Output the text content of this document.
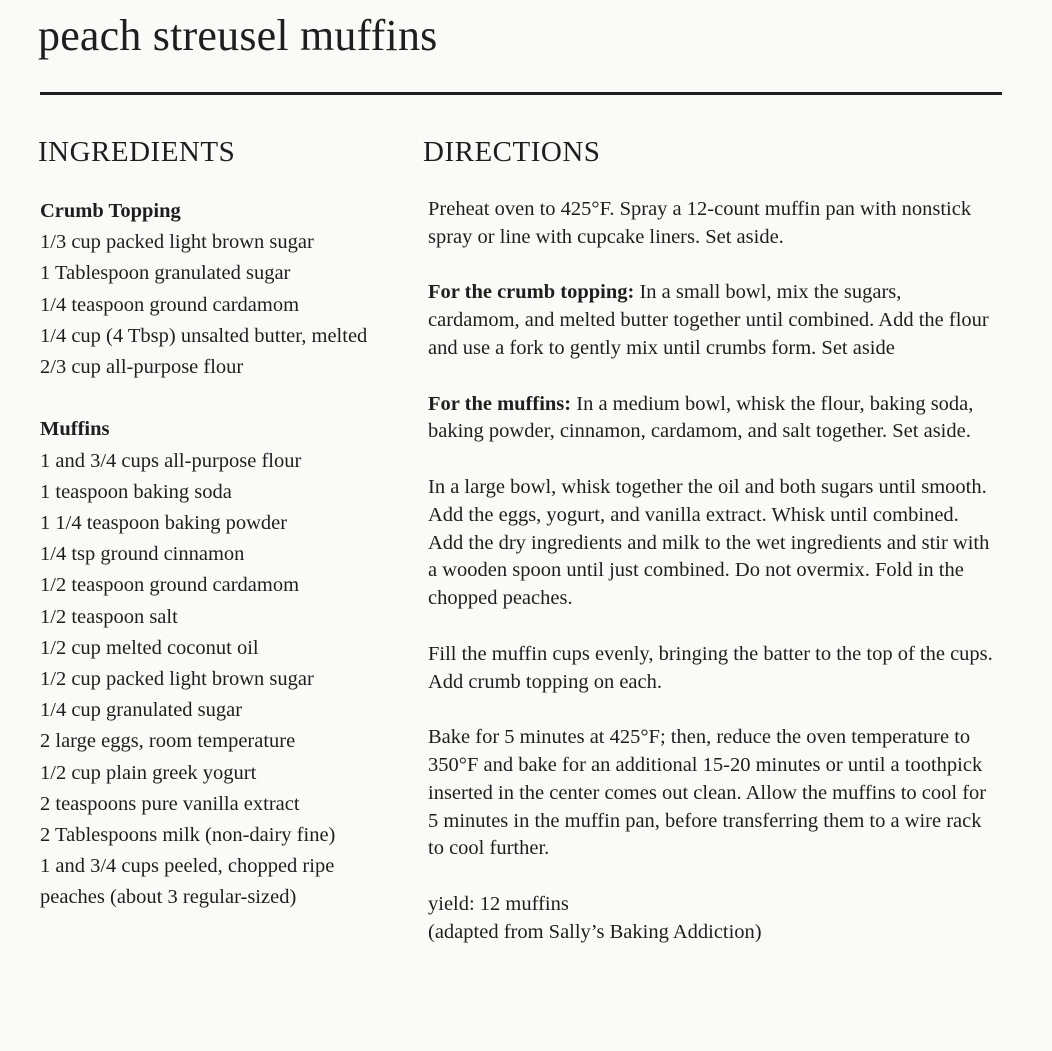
peach streusel muffins
INGREDIENTS	DIRECTIONS
Crumb Topping
1/3 cup packed light brown sugar
1 Tablespoon granulated sugar
1/4 teaspoon ground cardamom
1/4 cup (4 Tbsp) unsalted butter, melted
2/3 cup all-purpose flour
Muffins
1 and 3/4 cups all-purpose flour
1 teaspoon baking soda
1 1/4 teaspoon baking powder
1/4 tsp ground cinnamon
1/2 teaspoon ground cardamom
1/2 teaspoon salt
1/2 cup melted coconut oil
1/2 cup packed light brown sugar
1/4 cup granulated sugar
2 large eggs, room temperature
1/2 cup plain greek yogurt
2 teaspoons pure vanilla extract
2 Tablespoons milk (non-dairy fine)
1 and 3/4 cups peeled, chopped ripe peaches (about 3 regular-sized)

Preheat oven to 425°F. Spray a 12-count muffin pan with nonstick spray or line with cupcake liners. Set aside.

For the crumb topping: In a small bowl, mix the sugars, cardamom, and melted butter together until combined. Add the flour and use a fork to gently mix until crumbs form. Set aside

For the muffins: In a medium bowl, whisk the flour, baking soda, baking powder, cinnamon, cardamom, and salt together. Set aside.

In a large bowl, whisk together the oil and both sugars until smooth. Add the eggs, yogurt, and vanilla extract. Whisk until combined. Add the dry ingredients and milk to the wet ingredients and stir with a wooden spoon until just combined. Do not overmix. Fold in the chopped peaches.

Fill the muffin cups evenly, bringing the batter to the top of the cups. Add crumb topping on each.

Bake for 5 minutes at 425°F; then, reduce the oven temperature to 350°F and bake for an additional 15-20 minutes or until a toothpick inserted in the center comes out clean. Allow the muffins to cool for 5 minutes in the muffin pan, before transferring them to a wire rack to cool further.

yield: 12 muffins
(adapted from Sally’s Baking Addiction)
